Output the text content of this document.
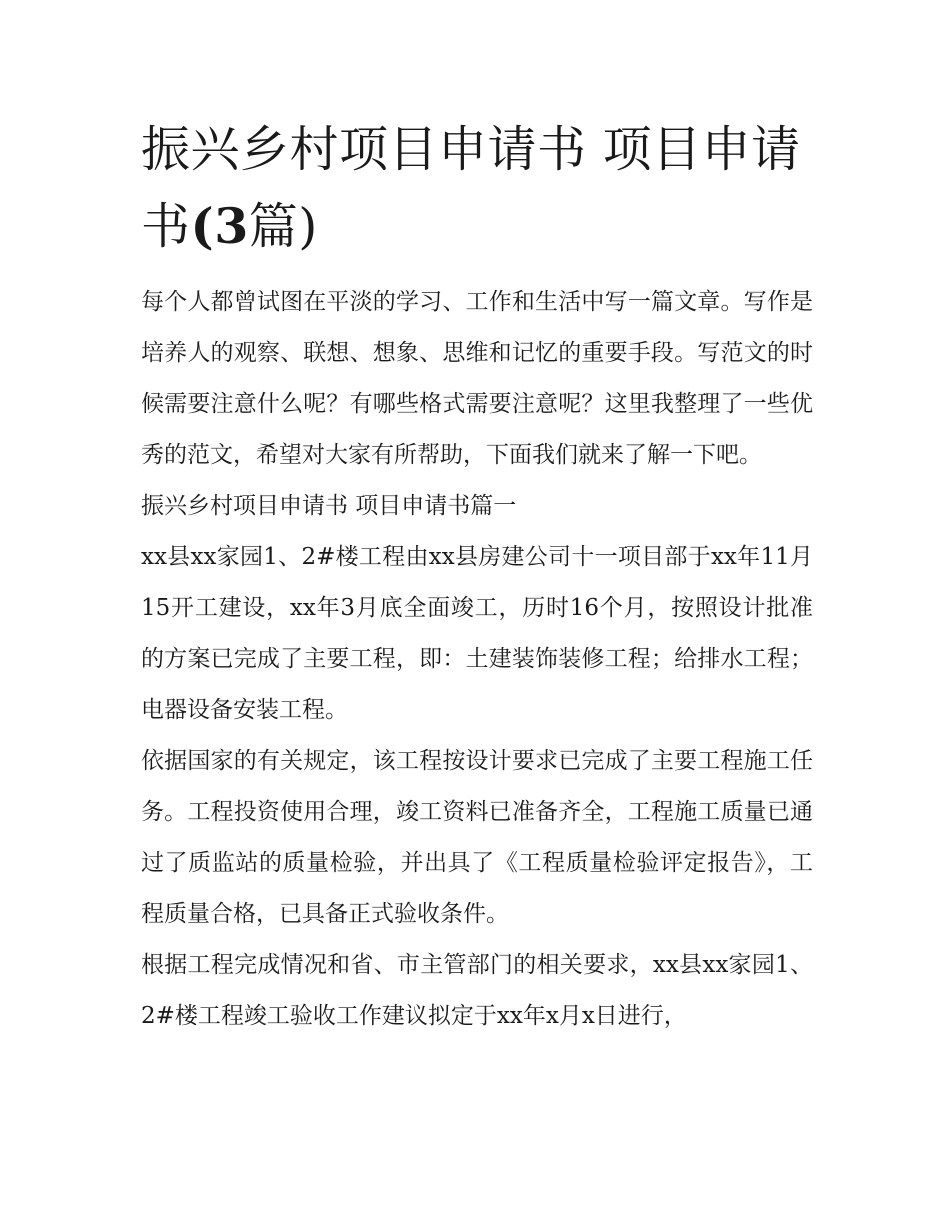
振兴乡村项目申请书 项目申请书(3篇)

每个人都曾试图在平淡的学习、工作和生活中写一篇文章。写作是培养人的观察、联想、想象、思维和记忆的重要手段。写范文的时候需要注意什么呢？有哪些格式需要注意呢？这里我整理了一些优秀的范文，希望对大家有所帮助，下面我们就来了解一下吧。

振兴乡村项目申请书 项目申请书篇一

xx县xx家园1、2#楼工程由xx县房建公司十一项目部于xx年11月15开工建设，xx年3月底全面竣工，历时16个月，按照设计批准的方案已完成了主要工程，即：土建装饰装修工程；给排水工程；电器设备安装工程。

依据国家的有关规定，该工程按设计要求已完成了主要工程施工任务。工程投资使用合理，竣工资料已准备齐全，工程施工质量已通过了质监站的质量检验，并出具了《工程质量检验评定报告》，工程质量合格，已具备正式验收条件。

根据工程完成情况和省、市主管部门的相关要求，xx县xx家园1、2#楼工程竣工验收工作建议拟定于xx年x月x日进行，
